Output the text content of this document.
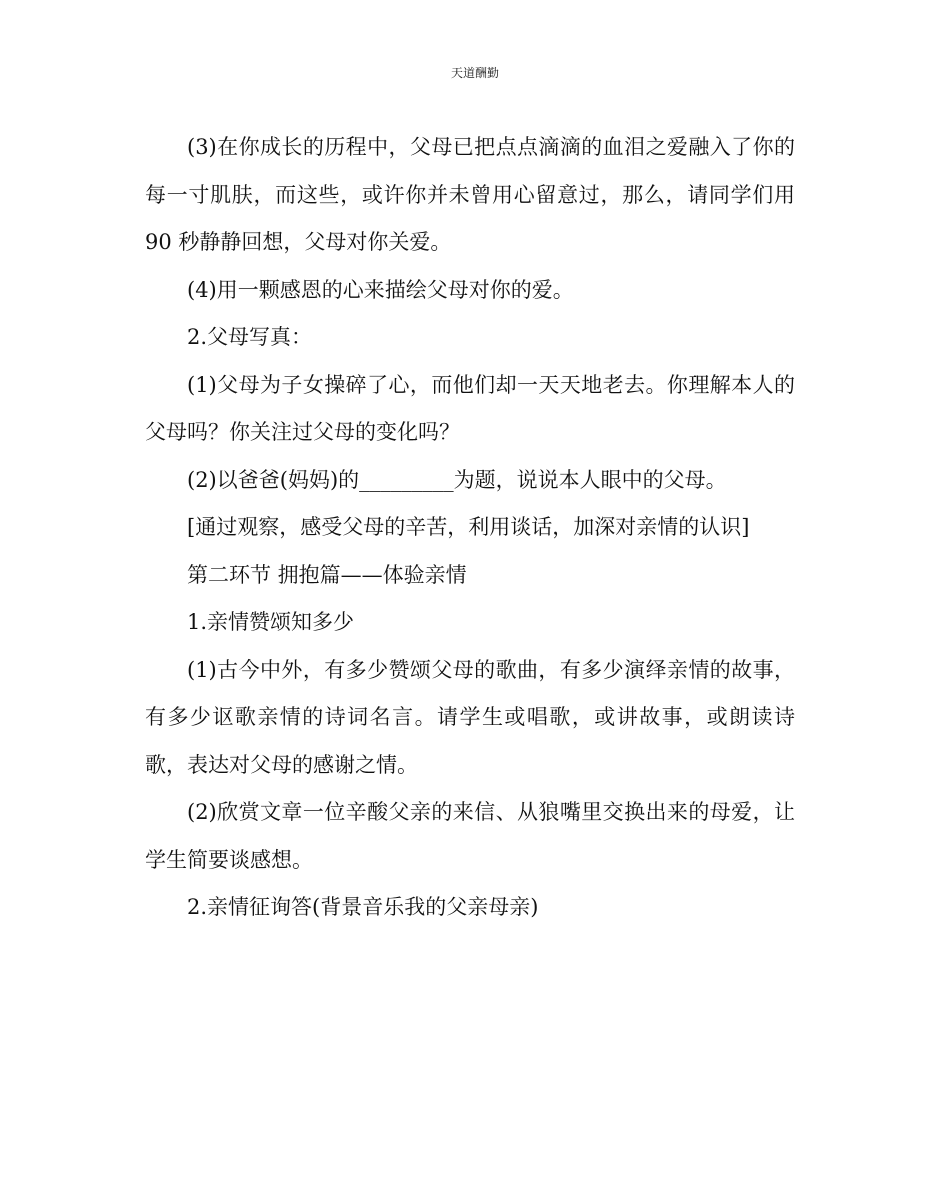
天道酬勤

(3)在你成长的历程中，父母已把点点滴滴的血泪之爱融入了你的每一寸肌肤，而这些，或许你并未曾用心留意过，那么，请同学们用 90 秒静静回想，父母对你关爱。

(4)用一颗感恩的心来描绘父母对你的爱。

2.父母写真：

(1)父母为子女操碎了心，而他们却一天天地老去。你理解本人的父母吗？你关注过父母的变化吗？

(2)以爸爸(妈妈)的_________为题，说说本人眼中的父母。

[通过观察，感受父母的辛苦，利用谈话，加深对亲情的认识]

第二环节 拥抱篇——体验亲情

1.亲情赞颂知多少

(1)古今中外，有多少赞颂父母的歌曲，有多少演绎亲情的故事，有多少讴歌亲情的诗词名言。请学生或唱歌，或讲故事，或朗读诗歌，表达对父母的感谢之情。

(2)欣赏文章一位辛酸父亲的来信、从狼嘴里交换出来的母爱，让学生简要谈感想。

2.亲情征询答(背景音乐我的父亲母亲)
